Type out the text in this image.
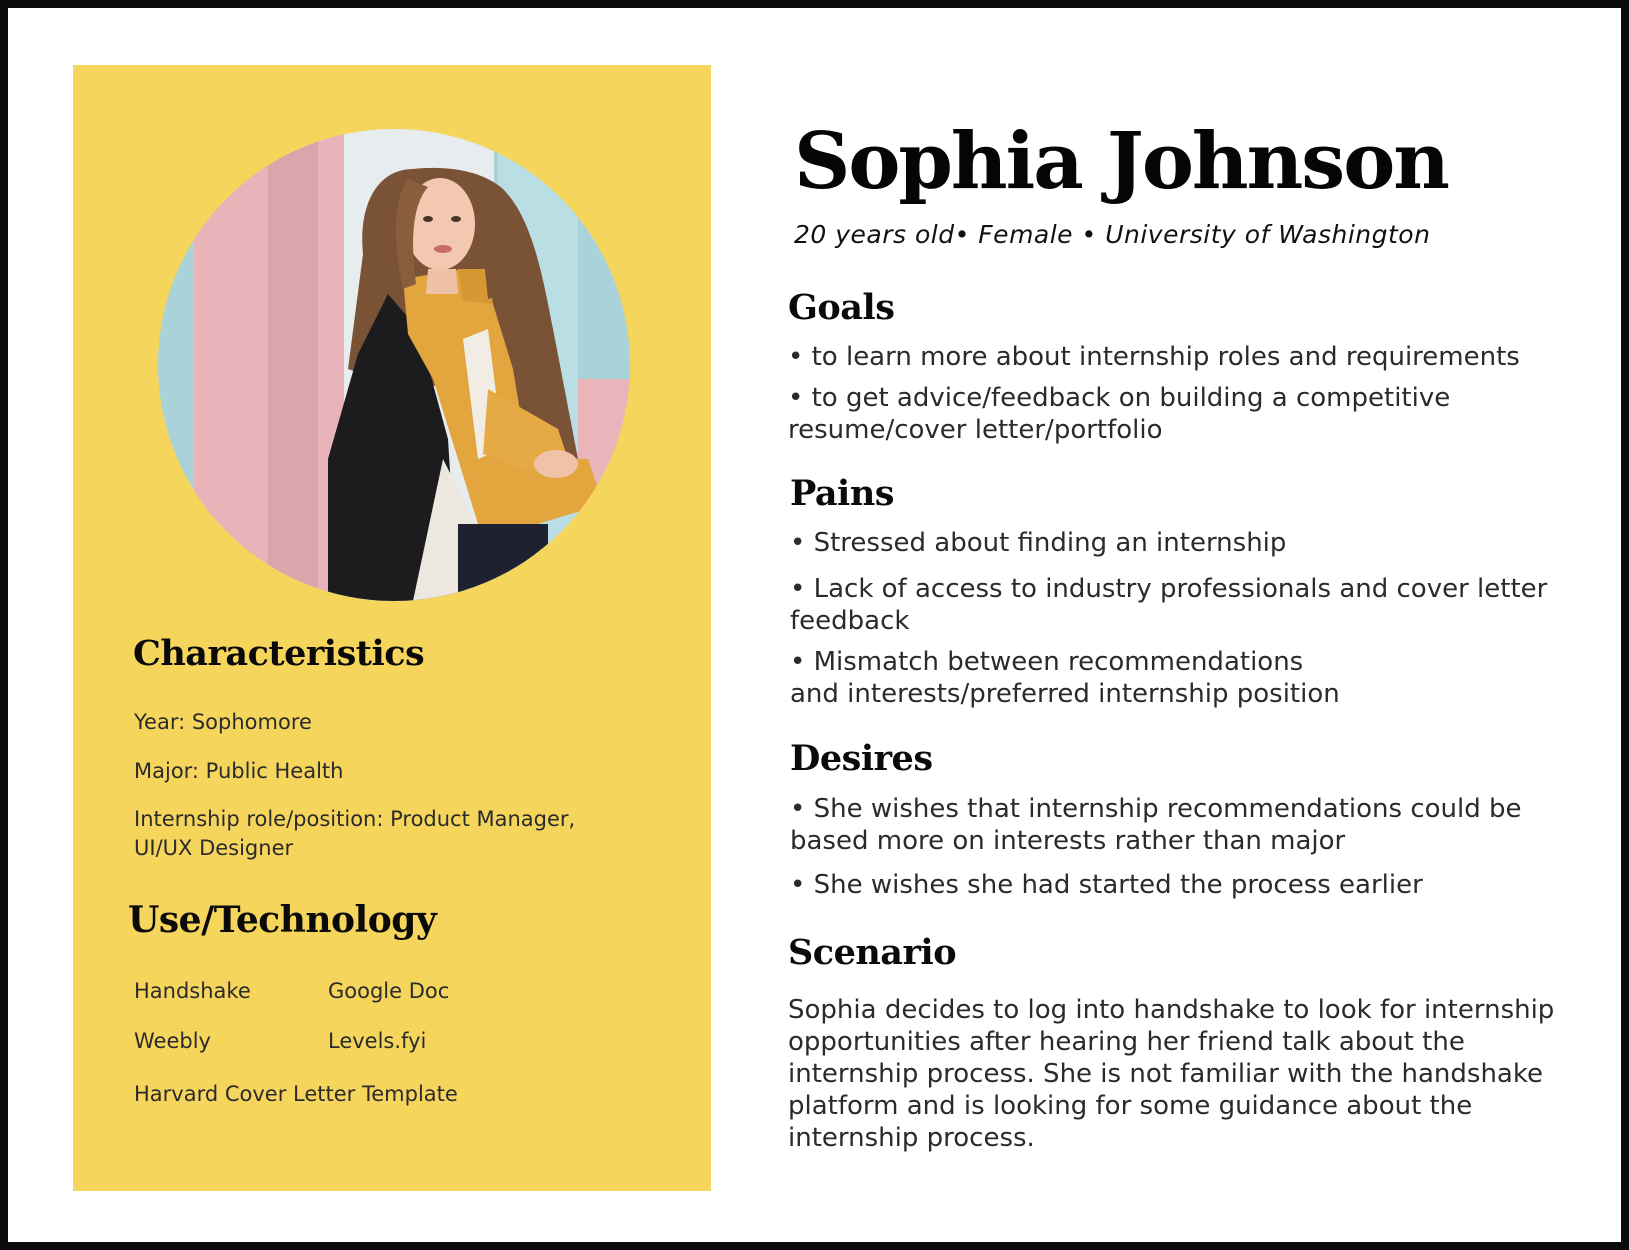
Characteristics

Year: Sophomore

Major: Public Health

Internship role/position: Product Manager, UI/UX Designer

Use/Technology

Handshake	Google Doc

Weebly	Levels.fyi

Harvard Cover Letter Template

Sophia Johnson

20 years old• Female • University of Washington

Goals

• to learn more about internship roles and requirements

• to get advice/feedback on building a competitive resume/cover letter/portfolio

Pains

• Stressed about finding an internship

• Lack of access to industry professionals and cover letter feedback

• Mismatch between recommendations and interests/preferred internship position

Desires

• She wishes that internship recommendations could be based more on interests rather than major

• She wishes she had started the process earlier

Scenario

Sophia decides to log into handshake to look for internship opportunities after hearing her friend talk about the internship process. She is not familiar with the handshake platform and is looking for some guidance about the internship process.
